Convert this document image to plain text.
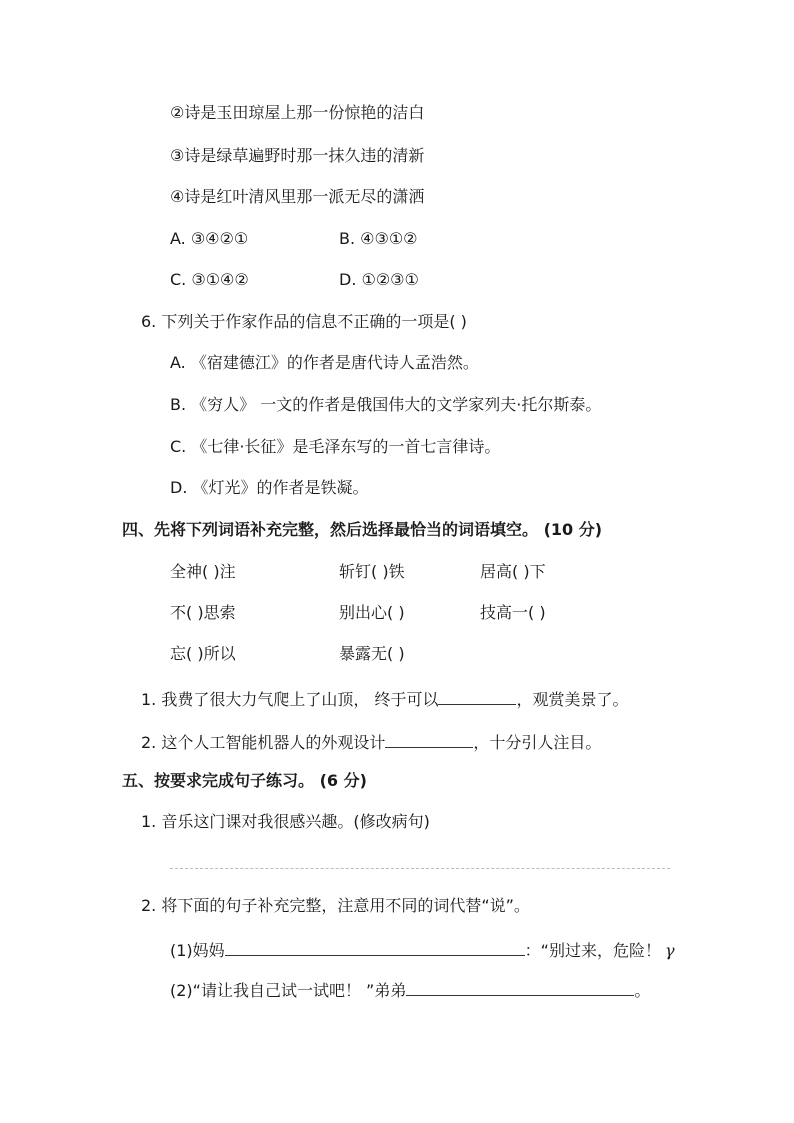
②诗是玉田琼屋上那一份惊艳的洁白
③诗是绿草遍野时那一抹久违的清新
④诗是红叶清风里那一派无尽的潇洒
A. ③④②①	B. ④③①②
C. ③①④②	D. ①②③①
6. 下列关于作家作品的信息不正确的一项是( )
A. 《宿建德江》的作者是唐代诗人孟浩然。
B. 《穷人》 一文的作者是俄国伟大的文学家列夫·托尔斯泰。
C. 《七律·长征》是毛泽东写的一首七言律诗。
D. 《灯光》的作者是铁凝。
四、先将下列词语补充完整，然后选择最恰当的词语填空。 (10 分)
全神( )注	斩钉( )铁	居高( )下
不( )思索	别出心( )	技高一( )
忘( )所以	暴露无( )
1. 我费了很大力气爬上了山顶， 终于可以	，观赏美景了。
2. 这个人工智能机器人的外观设计	，十分引人注目。
五、按要求完成句子练习。 (6 分)
1. 音乐这门课对我很感兴趣。(修改病句)
2. 将下面的句子补充完整，注意用不同的词代替“说”。
(1)妈妈	：“别过来，危险！ γ
(2)“请让我自己试一试吧！ ”弟弟	。
